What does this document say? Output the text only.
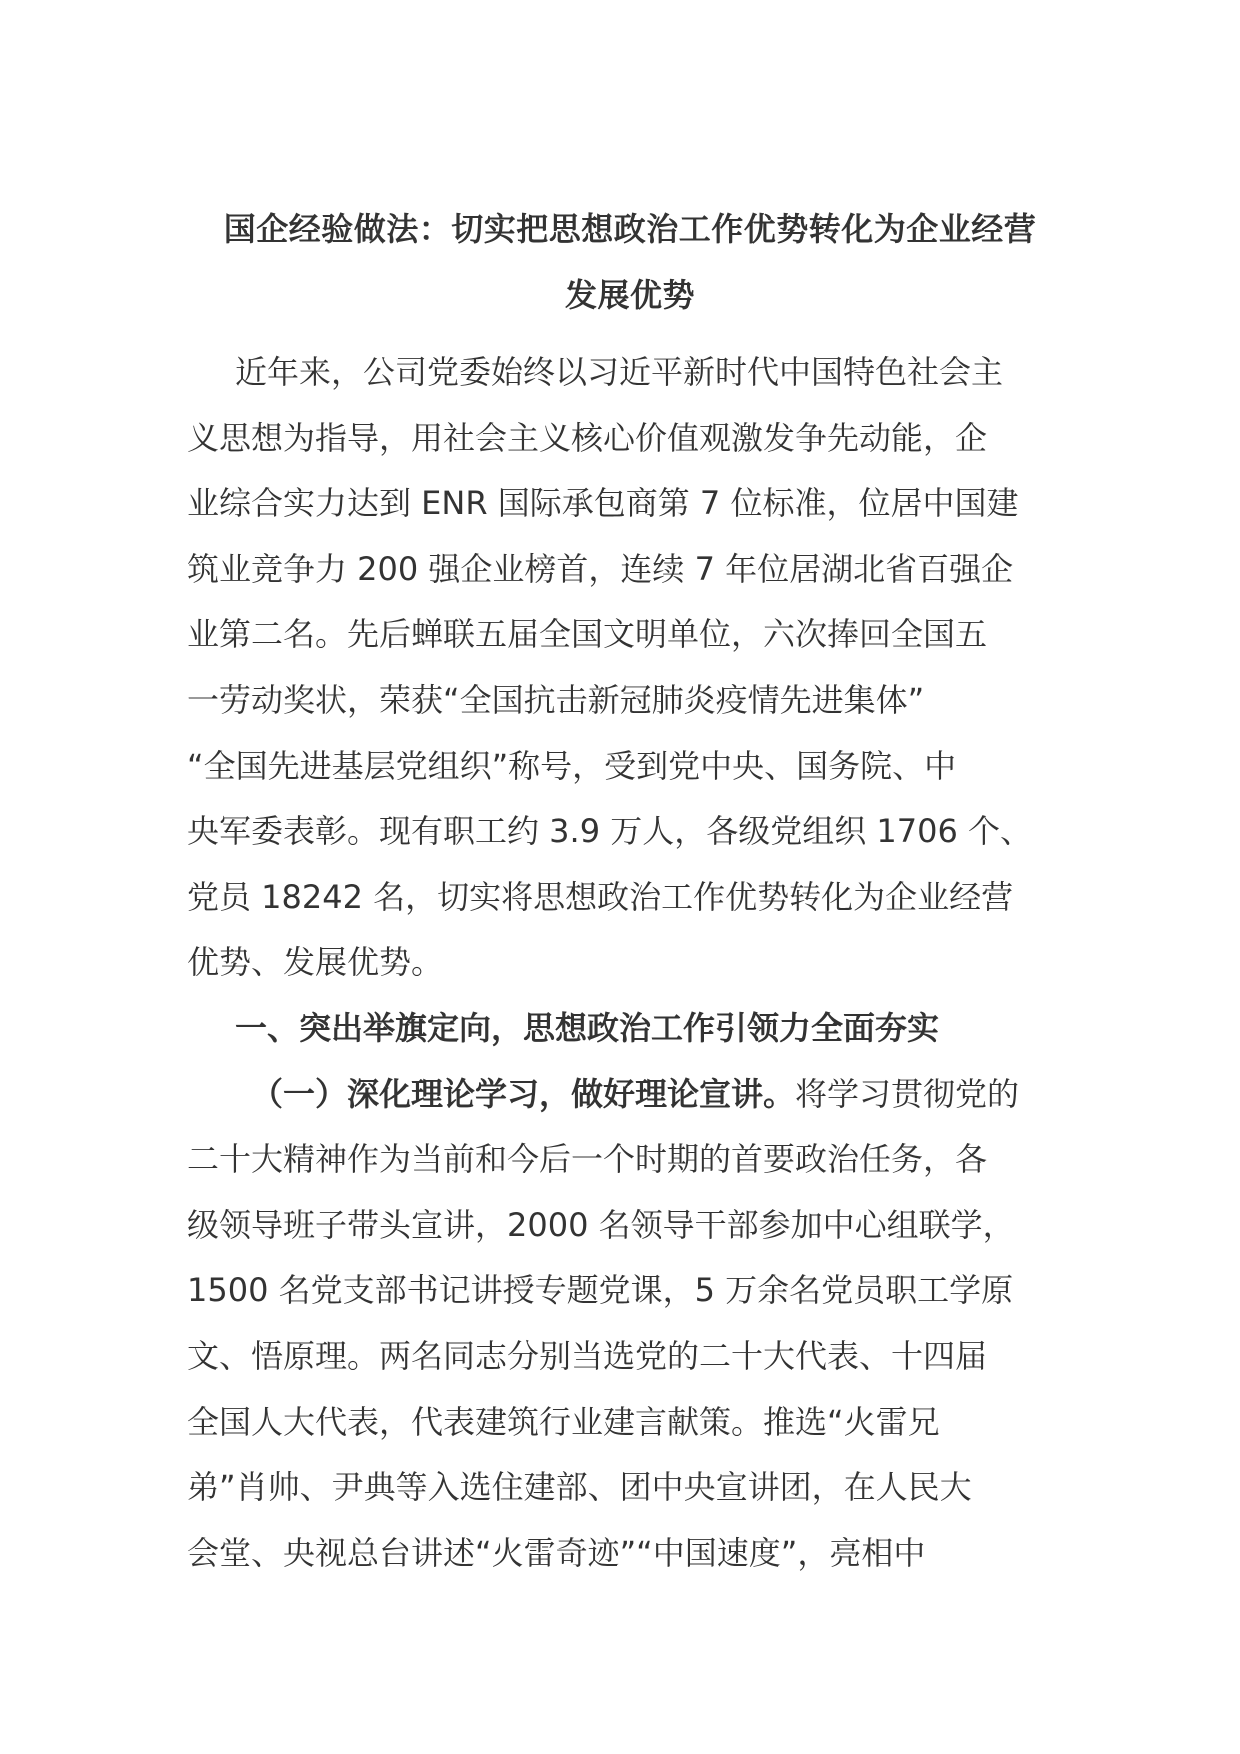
国企经验做法：切实把思想政治工作优势转化为企业经营
发展优势
近年来，公司党委始终以习近平新时代中国特色社会主
义思想为指导，用社会主义核心价值观激发争先动能，企
业综合实力达到 ENR 国际承包商第 7 位标准，位居中国建
筑业竞争力 200 强企业榜首，连续 7 年位居湖北省百强企
业第二名。先后蝉联五届全国文明单位，六次捧回全国五
一劳动奖状，荣获“全国抗击新冠肺炎疫情先进集体”
“全国先进基层党组织”称号，受到党中央、国务院、中
央军委表彰。现有职工约 3.9 万人，各级党组织 1706 个、
党员 18242 名，切实将思想政治工作优势转化为企业经营
优势、发展优势。
一、突出举旗定向，思想政治工作引领力全面夯实
（一）深化理论学习，做好理论宣讲。将学习贯彻党的
二十大精神作为当前和今后一个时期的首要政治任务，各
级领导班子带头宣讲，2000 名领导干部参加中心组联学，
1500 名党支部书记讲授专题党课，5 万余名党员职工学原
文、悟原理。两名同志分别当选党的二十大代表、十四届
全国人大代表，代表建筑行业建言献策。推选“火雷兄
弟”肖帅、尹典等入选住建部、团中央宣讲团，在人民大
会堂、央视总台讲述“火雷奇迹”“中国速度”，亮相中
